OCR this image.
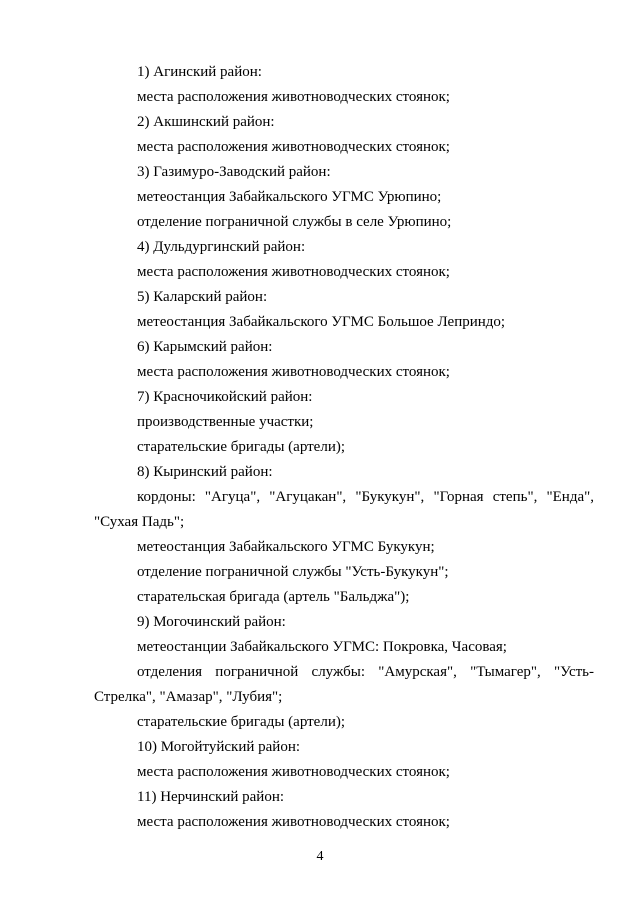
1) Агинский район:
места расположения животноводческих стоянок;
2) Акшинский район:
места расположения животноводческих стоянок;
3) Газимуро-Заводский район:
метеостанция Забайкальского УГМС Урюпино;
отделение пограничной службы в селе Урюпино;
4) Дульдургинский район:
места расположения животноводческих стоянок;
5) Каларский район:
метеостанция Забайкальского УГМС Большое Леприндо;
6) Карымский район:
места расположения животноводческих стоянок;
7) Красночикойский район:
производственные участки;
старательские бригады (артели);
8) Кыринский район:
кордоны: "Агуца", "Агуцакан", "Букукун", "Горная степь", "Енда", "Сухая Падь";
метеостанция Забайкальского УГМС Букукун;
отделение пограничной службы "Усть-Букукун";
старательская бригада (артель "Бальджа");
9) Могочинский район:
метеостанции Забайкальского УГМС: Покровка, Часовая;
отделения пограничной службы: "Амурская", "Тымагер", "Усть-Стрелка", "Амазар", "Лубия";
старательские бригады (артели);
10) Могойтуйский район:
места расположения животноводческих стоянок;
11) Нерчинский район:
места расположения животноводческих стоянок;
4
